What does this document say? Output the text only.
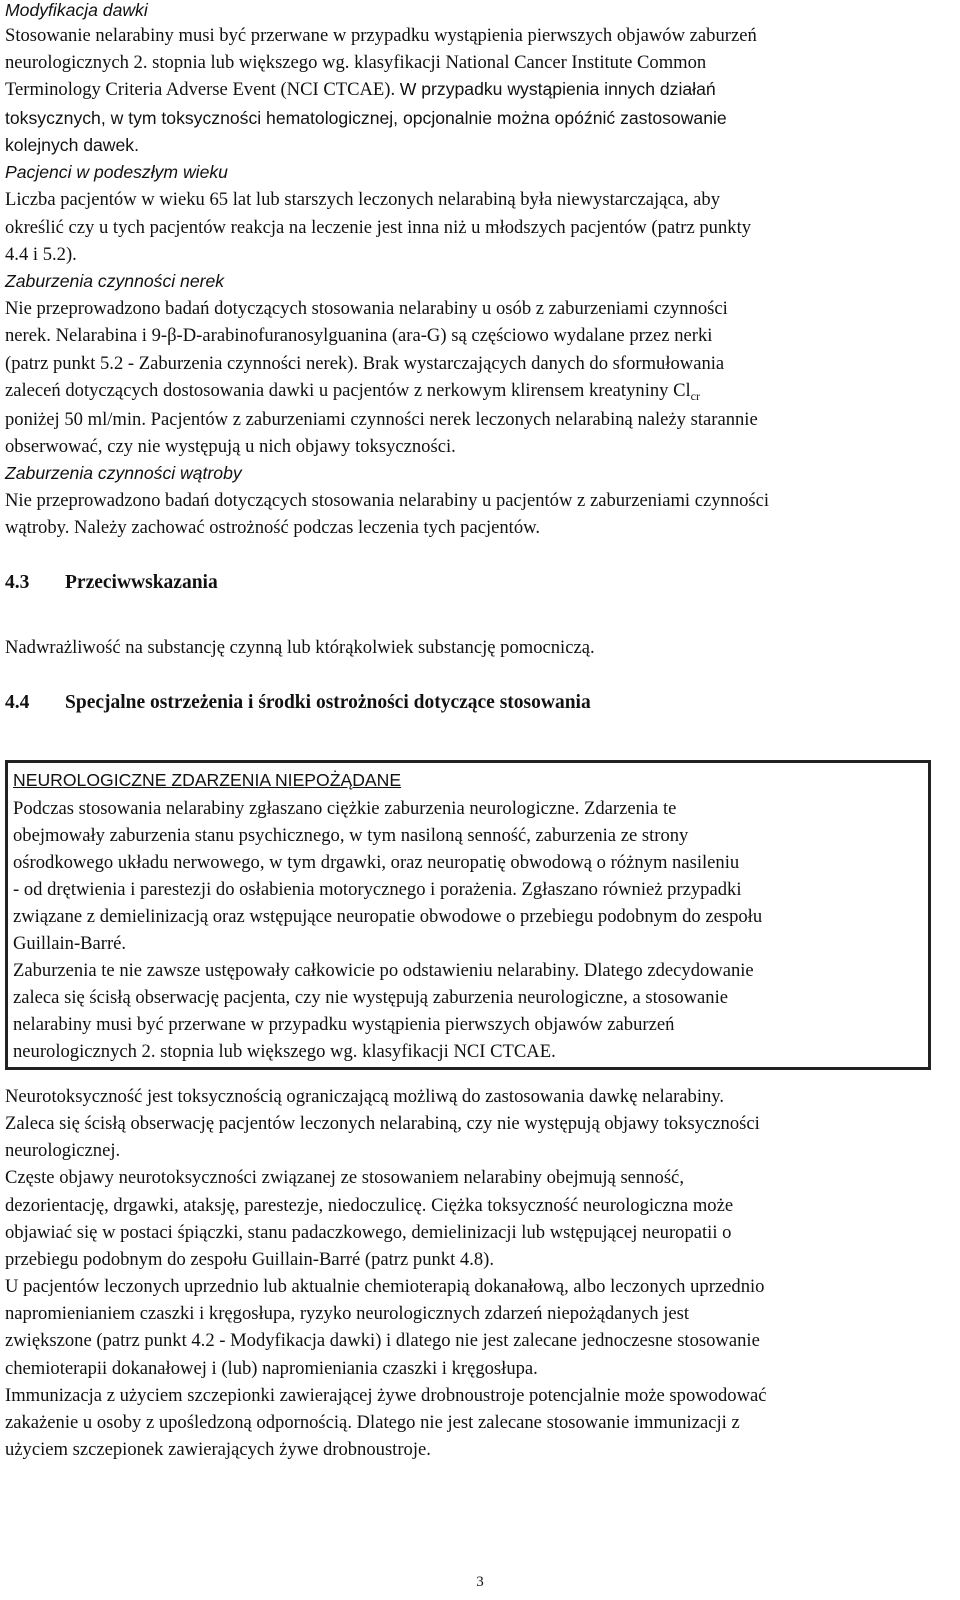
Modyfikacja dawki
Stosowanie nelarabiny musi być przerwane w przypadku wystąpienia pierwszych objawów zaburzeń
neurologicznych 2. stopnia lub większego wg. klasyfikacji National Cancer Institute Common
Terminology Criteria Adverse Event (NCI CTCAE). W przypadku wystąpienia innych działań
toksycznych, w tym toksyczności hematologicznej, opcjonalnie można opóźnić zastosowanie
kolejnych dawek.
Pacjenci w podeszłym wieku
Liczba pacjentów w wieku 65 lat lub starszych leczonych nelarabiną była niewystarczająca, aby
określić czy u tych pacjentów reakcja na leczenie jest inna niż u młodszych pacjentów (patrz punkty
4.4 i 5.2).
Zaburzenia czynności nerek
Nie przeprowadzono badań dotyczących stosowania nelarabiny u osób z zaburzeniami czynności
nerek. Nelarabina i 9-β-D-arabinofuranosylguanina (ara-G) są częściowo wydalane przez nerki
(patrz punkt 5.2 - Zaburzenia czynności nerek). Brak wystarczających danych do sformułowania
zaleceń dotyczących dostosowania dawki u pacjentów z nerkowym klirensem kreatyniny $Cl_{cr}$
poniżej 50 ml/min. Pacjentów z zaburzeniami czynności nerek leczonych nelarabiną należy starannie
obserwować, czy nie występują u nich objawy toksyczności.
Zaburzenia czynności wątroby
Nie przeprowadzono badań dotyczących stosowania nelarabiny u pacjentów z zaburzeniami czynności
wątroby. Należy zachować ostrożność podczas leczenia tych pacjentów.
4.3 Przeciwwskazania
Nadwrażliwość na substancję czynną lub którąkolwiek substancję pomocniczą.
4.4 Specjalne ostrzeżenia i środki ostrożności dotyczące stosowania
NEUROLOGICZNE ZDARZENIA NIEPOŻĄDANE
Podczas stosowania nelarabiny zgłaszano ciężkie zaburzenia neurologiczne. Zdarzenia te
obejmowały zaburzenia stanu psychicznego, w tym nasiloną senność, zaburzenia ze strony
ośrodkowego układu nerwowego, w tym drgawki, oraz neuropatię obwodową o różnym nasileniu
- od drętwienia i parestezji do osłabienia motorycznego i porażenia. Zgłaszano również przypadki
związane z demielinizacją oraz wstępujące neuropatie obwodowe o przebiegu podobnym do zespołu
Guillain-Barré.
Zaburzenia te nie zawsze ustępowały całkowicie po odstawieniu nelarabiny. Dlatego zdecydowanie
zaleca się ścisłą obserwację pacjenta, czy nie występują zaburzenia neurologiczne, a stosowanie
nelarabiny musi być przerwane w przypadku wystąpienia pierwszych objawów zaburzeń
neurologicznych 2. stopnia lub większego wg. klasyfikacji NCI CTCAE.
Neurotoksyczność jest toksycznością ograniczającą możliwą do zastosowania dawkę nelarabiny.
Zaleca się ścisłą obserwację pacjentów leczonych nelarabiną, czy nie występują objawy toksyczności
neurologicznej.
Częste objawy neurotoksyczności związanej ze stosowaniem nelarabiny obejmują senność,
dezorientację, drgawki, ataksję, parestezje, niedoczulicę. Ciężka toksyczność neurologiczna może
objawiać się w postaci śpiączki, stanu padaczkowego, demielinizacji lub wstępującej neuropatii o
przebiegu podobnym do zespołu Guillain-Barré (patrz punkt 4.8).
U pacjentów leczonych uprzednio lub aktualnie chemioterapią dokanałową, albo leczonych uprzednio
napromienianiem czaszki i kręgosłupa, ryzyko neurologicznych zdarzeń niepożądanych jest
zwiększone (patrz punkt 4.2 - Modyfikacja dawki) i dlatego nie jest zalecane jednoczesne stosowanie
chemioterapii dokanałowej i (lub) napromieniania czaszki i kręgosłupa.
Immunizacja z użyciem szczepionki zawierającej żywe drobnoustroje potencjalnie może spowodować
zakażenie u osoby z upośledzoną odpornością. Dlatego nie jest zalecane stosowanie immunizacji z
użyciem szczepionek zawierających żywe drobnoustroje.
3
